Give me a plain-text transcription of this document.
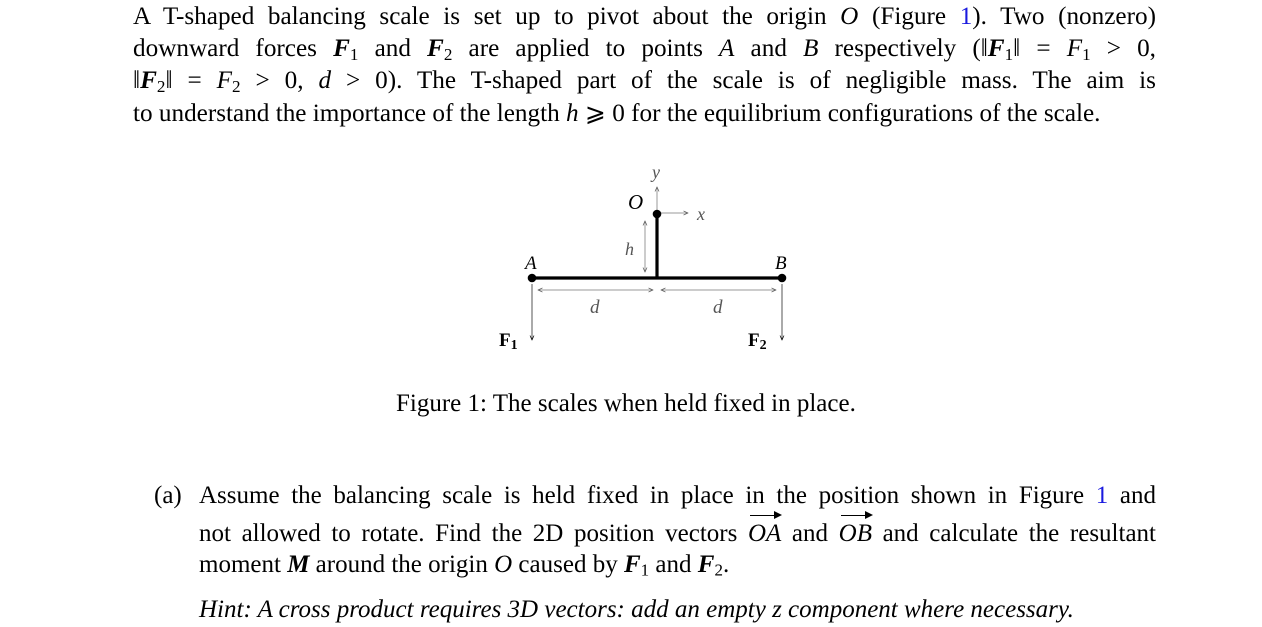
A T-shaped balancing scale is set up to pivot about the origin O (Figure 1). Two (nonzero)
downward forces $F_1$ and $F_2$ are applied to points A and B respectively ($‖F_1‖ = F_1 > 0$,
$‖F_2‖ = F_2 > 0$, d > 0). The T-shaped part of the scale is of negligible mass. The aim is
to understand the importance of the length h ⩾ 0 for the equilibrium configurations of the scale.
y
x
O
h
A	B
d	d
F1	F2
Figure 1: The scales when held fixed in place.
(a) Assume the balancing scale is held fixed in place in the position shown in Figure 1 and
not allowed to rotate. Find the 2D position vectors OA and OB and calculate the resultant
moment M around the origin O caused by $F_1$ and $F_2$.
Hint: A cross product requires 3D vectors: add an empty z component where necessary.
